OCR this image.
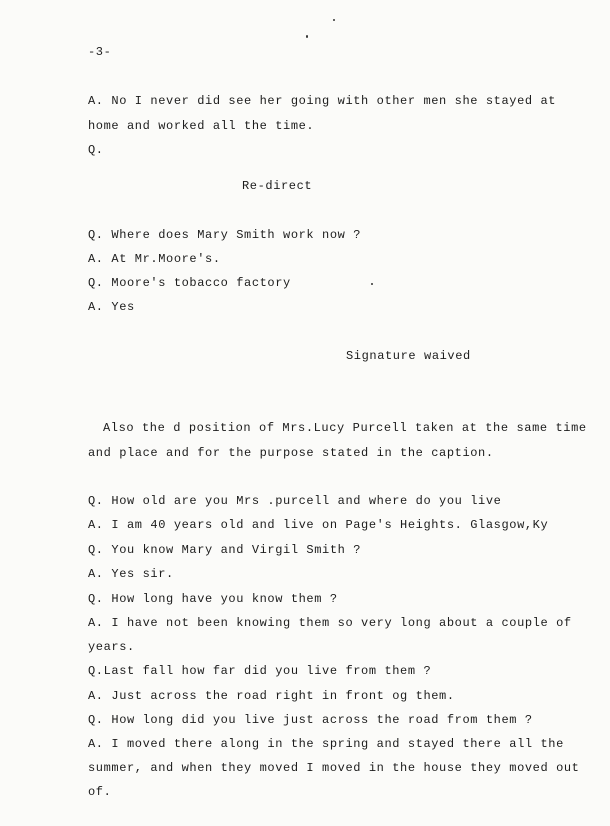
-3-
A. No I never did see her going with other men she stayed at
home and worked all the time.
Q.
Re-direct
Q. Where does Mary Smith work now ?
A. At Mr.Moore's.
Q. Moore's tobacco factory
A. Yes
Signature waived
Also the d position of Mrs.Lucy Purcell taken at the same time
and place and for the purpose stated in the caption.
Q. How old are you Mrs .purcell and where do you live
A. I am 40 years old and live on Page's Heights. Glasgow,Ky
Q. You know Mary and Virgil Smith ?
A. Yes sir.
Q. How long have you know them ?
A. I have not been knowing them so very long about a couple of
years.
Q.Last fall how far did you live from them ?
A. Just across the road right in front og them.
Q. How long did you live just across the road from them ?
A. I moved there along in the spring and stayed there all the
summer, and when they moved I moved in the house they moved out
of.
